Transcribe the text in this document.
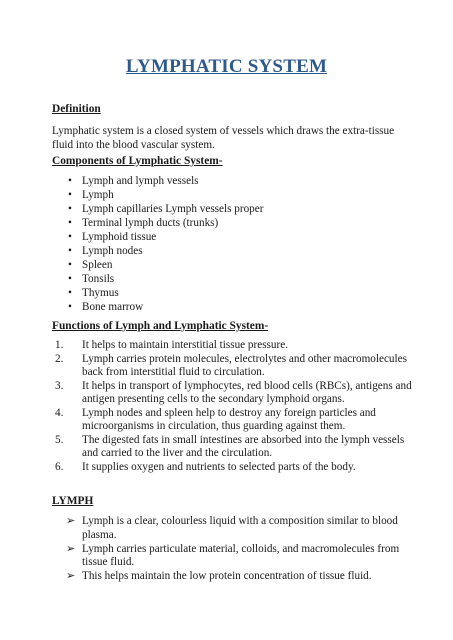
LYMPHATIC SYSTEM
Definition
Lymphatic system is a closed system of vessels which draws the extra-tissue fluid into the blood vascular system.
Components of Lymphatic System-
• Lymph and lymph vessels
• Lymph
• Lymph capillaries Lymph vessels proper
• Terminal lymph ducts (trunks)
• Lymphoid tissue
• Lymph nodes
• Spleen
• Tonsils
• Thymus
• Bone marrow
Functions of Lymph and Lymphatic System-
1. It helps to maintain interstitial tissue pressure.
2. Lymph carries protein molecules, electrolytes and other macromolecules back from interstitial fluid to circulation.
3. It helps in transport of lymphocytes, red blood cells (RBCs), antigens and antigen presenting cells to the secondary lymphoid organs.
4. Lymph nodes and spleen help to destroy any foreign particles and microorganisms in circulation, thus guarding against them.
5. The digested fats in small intestines are absorbed into the lymph vessels and carried to the liver and the circulation.
6. It supplies oxygen and nutrients to selected parts of the body.
LYMPH
➢ Lymph is a clear, colourless liquid with a composition similar to blood plasma.
➢ Lymph carries particulate material, colloids, and macromolecules from tissue fluid.
➢ This helps maintain the low protein concentration of tissue fluid.
